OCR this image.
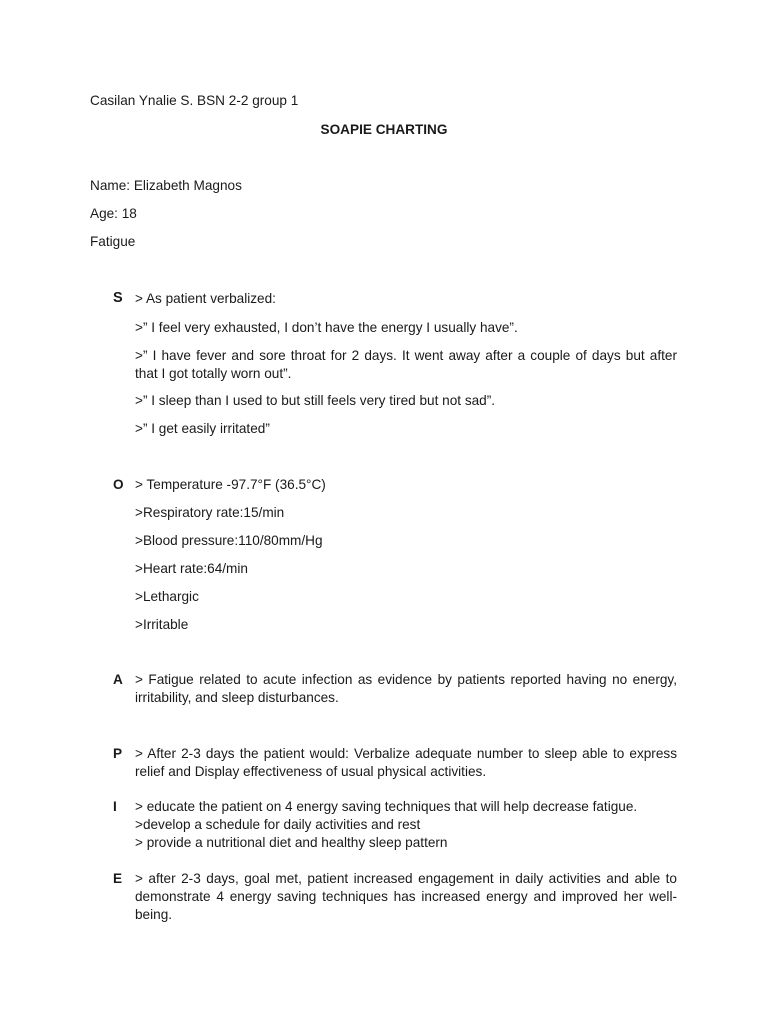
Casilan Ynalie S. BSN 2-2 group 1
SOAPIE CHARTING
Name: Elizabeth Magnos
Age: 18
Fatigue
S > As patient verbalized:
>” I feel very exhausted, I don’t have the energy I usually have”.
>” I have fever and sore throat for 2 days. It went away after a couple of days but after that I got totally worn out”.
>” I sleep than I used to but still feels very tired but not sad”.
>” I get easily irritated”
O > Temperature -97.7°F (36.5°C)
>Respiratory rate:15/min
>Blood pressure:110/80mm/Hg
>Heart rate:64/min
>Lethargic
>Irritable
A > Fatigue related to acute infection as evidence by patients reported having no energy, irritability, and sleep disturbances.
P > After 2-3 days the patient would: Verbalize adequate number to sleep able to express relief and Display effectiveness of usual physical activities.
I > educate the patient on 4 energy saving techniques that will help decrease fatigue.
>develop a schedule for daily activities and rest
> provide a nutritional diet and healthy sleep pattern
E > after 2-3 days, goal met, patient increased engagement in daily activities and able to demonstrate 4 energy saving techniques has increased energy and improved her well-being.
